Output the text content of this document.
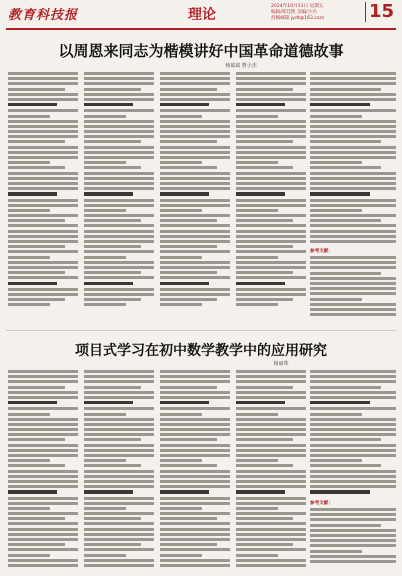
教育科技报	理论
2024年10月11日 星期五
编辑/邢佳艳 美编/小名
投稿邮箱 jydt@163.com	15
以周恩来同志为楷模讲好中国革命道德故事
杨斌斌 曹小杰
参考文献：
项目式学习在初中数学教学中的应用研究
杨丽珠
参考文献：
